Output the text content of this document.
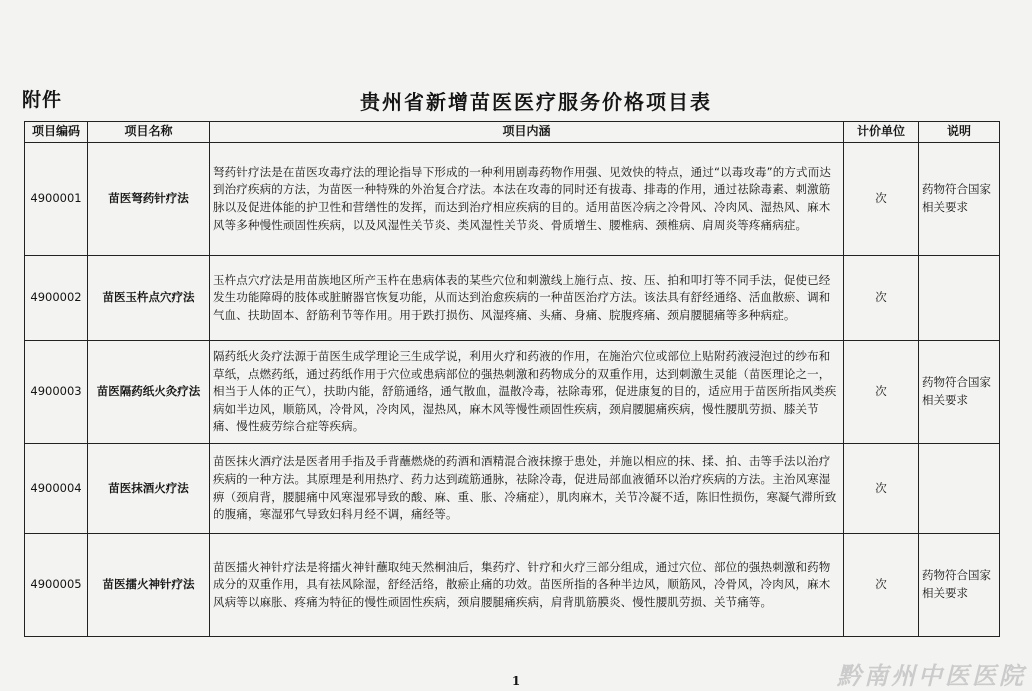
附件	贵州省新增苗医医疗服务价格项目表
项目编码	项目名称	项目内涵	计价单位	说明
4900001	苗医弩药针疗法	弩药针疗法是在苗医攻毒疗法的理论指导下形成的一种利用剧毒药物作用强、见效快的特点，通过“以毒攻毒”的方式而达到治疗疾病的方法，为苗医一种特殊的外治复合疗法。本法在攻毒的同时还有拔毒、排毒的作用，通过祛除毒素、刺激筋脉以及促进体能的护卫性和营缮性的发挥，而达到治疗相应疾病的目的。适用苗医冷病之冷骨风、冷肉风、湿热风、麻木风等多种慢性顽固性疾病，以及风湿性关节炎、类风湿性关节炎、骨质增生、腰椎病、颈椎病、肩周炎等疼痛病症。	次	药物符合国家相关要求
4900002	苗医玉杵点穴疗法	玉杵点穴疗法是用苗族地区所产玉杵在患病体表的某些穴位和刺激线上施行点、按、压、拍和叩打等不同手法，促使已经发生功能障碍的肢体或脏腑器官恢复功能，从而达到治愈疾病的一种苗医治疗方法。该法具有舒经通络、活血散瘀、调和气血、扶助固本、舒筋利节等作用。用于跌打损伤、风湿疼痛、头痛、身痛、脘腹疼痛、颈肩腰腿痛等多种病症。	次	
4900003	苗医隔药纸火灸疗法	隔药纸火灸疗法源于苗医生成学理论三生成学说，利用火疗和药液的作用，在施治穴位或部位上贴附药液浸泡过的纱布和草纸，点燃药纸，通过药纸作用于穴位或患病部位的强热刺激和药物成分的双重作用，达到刺激生灵能（苗医理论之一，相当于人体的正气），扶助内能，舒筋通络，通气散血，温散冷毒，祛除毒邪，促进康复的目的，适应用于苗医所指风类疾病如半边风，顺筋风，冷骨风，冷肉风，湿热风，麻木风等慢性顽固性疾病，颈肩腰腿痛疾病，慢性腰肌劳损、膝关节痛、慢性疲劳综合症等疾病。	次	药物符合国家相关要求
4900004	苗医抹酒火疗法	苗医抹火酒疗法是医者用手指及手背蘸燃烧的药酒和酒精混合液抹擦于患处，并施以相应的抹、揉、拍、击等手法以治疗疾病的一种方法。其原理是利用热疗、药力达到疏筋通脉，祛除冷毒，促进局部血液循环以治疗疾病的方法。主治风寒湿痹（颈肩背，腰腿痛中风寒湿邪导致的酸、麻、重、胀、冷痛症），肌肉麻木，关节冷凝不适，陈旧性损伤，寒凝气滞所致的腹痛，寒湿邪气导致妇科月经不调，痛经等。	次	
4900005	苗医擂火神针疗法	苗医擂火神针疗法是将擂火神针蘸取纯天然桐油后，集药疗、针疗和火疗三部分组成，通过穴位、部位的强热刺激和药物成分的双重作用，具有祛风除湿，舒经活络，散瘀止痛的功效。苗医所指的各种半边风，顺筋风，冷骨风，冷肉风，麻木风病等以麻胀、疼痛为特征的慢性顽固性疾病，颈肩腰腿痛疾病，肩背肌筋膜炎、慢性腰肌劳损、关节痛等。	次	药物符合国家相关要求
1	黔南州中医医院
